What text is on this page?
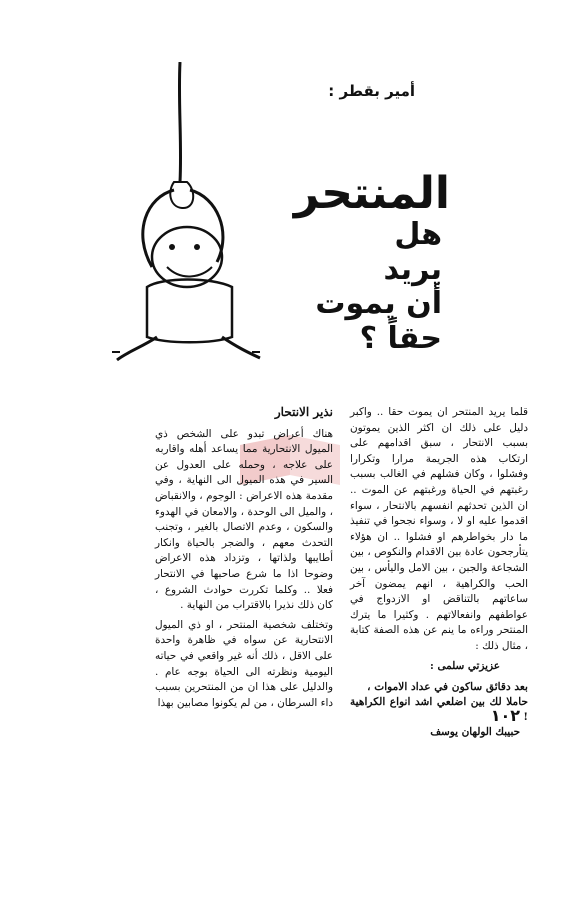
أمير بقطر :
المنتحر
هل
يريد
أن يموت
حقاً ؟

قلما يريد المنتحر ان يموت حقا .. واكبر دليل على ذلك ان اكثر الذين يموتون بسبب الانتحار ، سبق اقدامهم على ارتكاب هذه الجريمة مرارا وتكرارا وفشلوا ، وكان فشلهم في الغالب بسبب رغبتهم في الحياة ورغبتهم عن الموت .. ان الذين تحدثهم انفسهم بالانتحار ، سواء اقدموا عليه او لا ، وسواء نجحوا في تنفيذ ما دار بخواطرهم او فشلوا .. ان هؤلاء يتأرجحون عادة بين الاقدام والنكوص ، بين الشجاعة والجبن ، بين الامل واليأس ، بين الحب والكراهية ، انهم يمضون آخر ساعاتهم بالتناقض او الازدواج في عواطفهم وانفعالاتهم . وكثيرا ما يترك المنتحر وراءه ما ينم عن هذه الصفة كتابة ، مثال ذلك :

عزيزتي سلمى :
بعد دقائق ساكون في عداد الاموات ،
حاملا لك بين اضلعي اشد انواع الكراهية !
حبيبك الولهان يوسف
نذير الانتحار

هناك أعراض تبدو على الشخص ذي الميول الانتحارية مما يساعد أهله واقاربه على علاجه ، وحمله على العدول عن السير في هذه الميول الى النهاية ، وفي مقدمة هذه الاعراض : الوجوم ، والانقباض ، والميل الى الوحدة ، والامعان في الهدوء والسكون ، وعدم الاتصال بالغير ، وتجنب التحدث معهم ، والضجر بالحياة وانكار أطايبها ولذاتها ، وتزداد هذه الاعراض وضوحا اذا ما شرع صاحبها في الانتحار فعلا .. وكلما تكررت حوادث الشروع ، كان ذلك نذيرا بالاقتراب من النهاية .

وتختلف شخصية المنتحر ، او ذي الميول الانتحارية عن سواه في ظاهرة واحدة على الاقل ، ذلك أنه غير واقعي في حياته اليومية ونظرته الى الحياة بوجه عام . والدليل على هذا ان من المنتحرين بسبب داء السرطان ، من لم يكونوا مصابين بهذا

١٠٢
